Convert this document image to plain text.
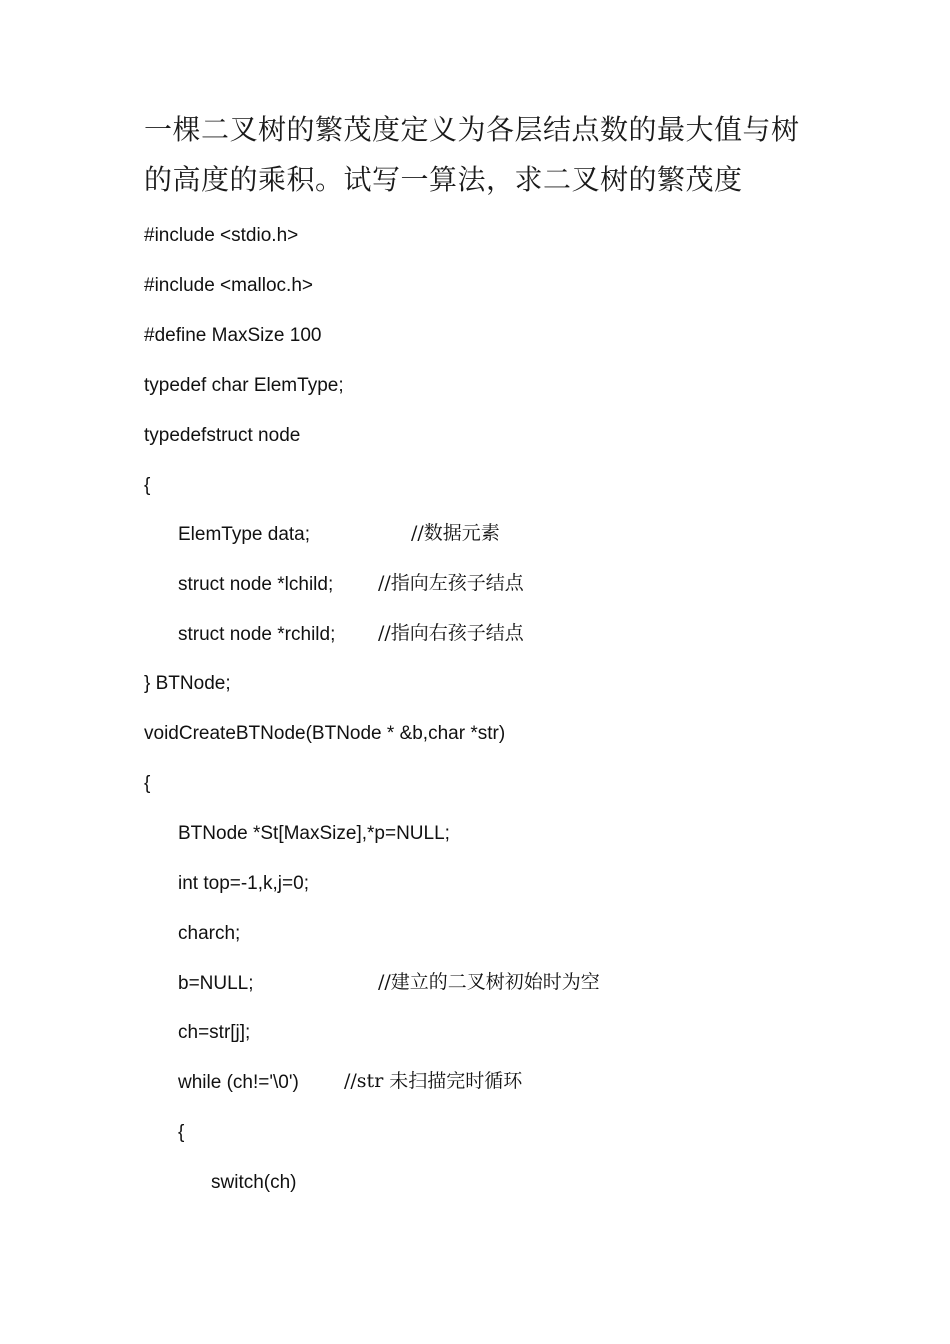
一棵二叉树的繁茂度定义为各层结点数的最大值与树
的高度的乘积。试写一算法，求二叉树的繁茂度
#include <stdio.h>
#include <malloc.h>
#define MaxSize 100
typedef char ElemType;
typedefstruct node
{
ElemType data;	//数据元素
struct node *lchild; //指向左孩子结点
struct node *rchild; //指向右孩子结点
} BTNode;
voidCreateBTNode(BTNode * &b,char *str)
{
BTNode *St[MaxSize],*p=NULL;
int top=-1,k,j=0;
charch;
b=NULL;	//建立的二叉树初始时为空
ch=str[j];
while (ch!='\0') //str 未扫描完时循环
{
switch(ch)
